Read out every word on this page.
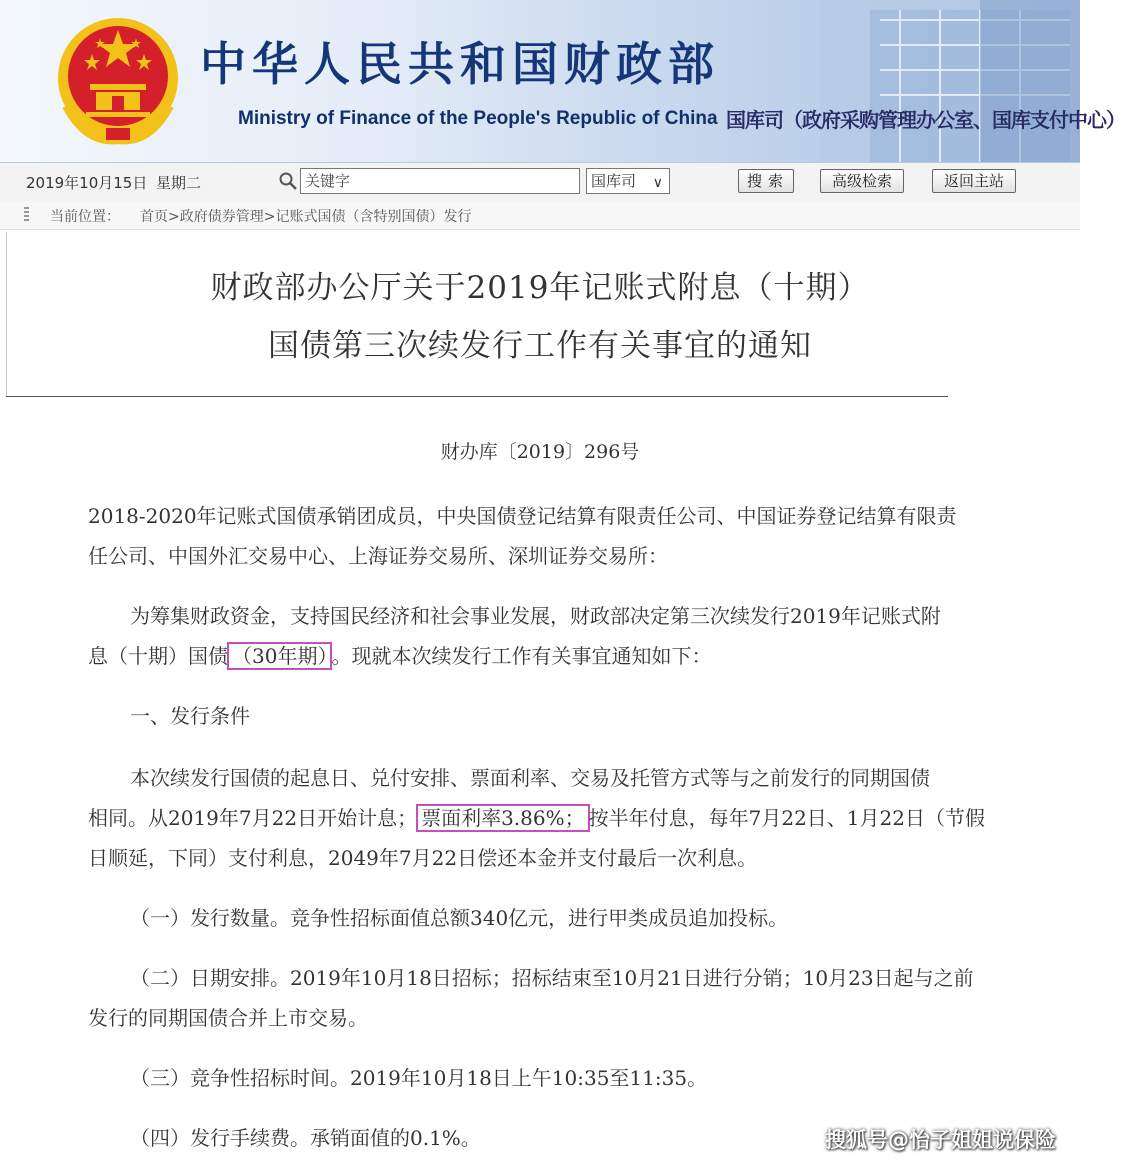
中华人民共和国财政部
Ministry of Finance of the People's Republic of China 国库司（政府采购管理办公室、国库支付中心）
2019年10月15日 星期二	关键字	国库司 ∨	搜索	高级检索	返回主站
当前位置： 首页>政府债券管理>记账式国债（含特别国债）发行
财政部办公厅关于2019年记账式附息（十期）
国债第三次续发行工作有关事宜的通知
财办库〔2019〕296号
2018-2020年记账式国债承销团成员，中央国债登记结算有限责任公司、中国证券登记结算有限责
任公司、中国外汇交易中心、上海证券交易所、深圳证券交易所：
为筹集财政资金，支持国民经济和社会事业发展，财政部决定第三次续发行2019年记账式附
息（十期）国债 （30年期） 。现就本次续发行工作有关事宜通知如下：
一、发行条件
本次续发行国债的起息日、兑付安排、票面利率、交易及托管方式等与之前发行的同期国债
相同。从2019年7月22日开始计息； 票面利率3.86%； 按半年付息，每年7月22日、1月22日（节假
日顺延，下同）支付利息，2049年7月22日偿还本金并支付最后一次利息。
（一）发行数量。竞争性招标面值总额340亿元，进行甲类成员追加投标。
（二）日期安排。2019年10月18日招标；招标结束至10月21日进行分销；10月23日起与之前
发行的同期国债合并上市交易。
（三）竞争性招标时间。2019年10月18日上午10:35至11:35。
（四）发行手续费。承销面值的0.1%。	搜狐号@怡子姐姐说保险
